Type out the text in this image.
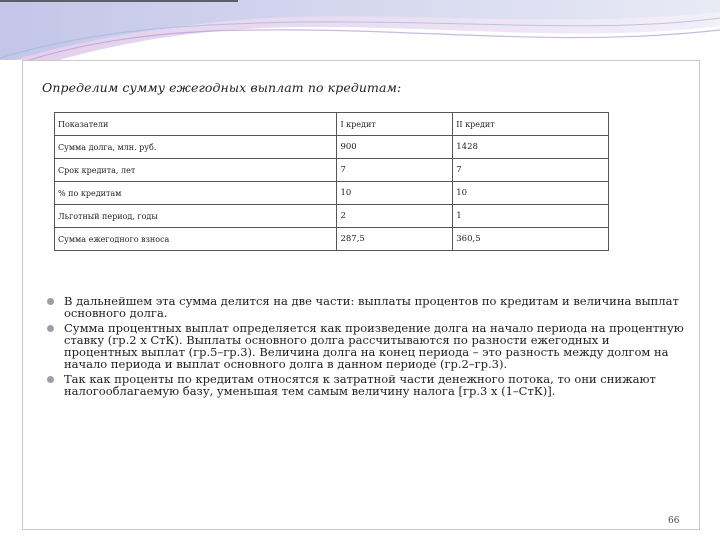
Определим сумму ежегодных выплат по кредитам:
Показатели	I кредит	II кредит
Сумма долга, млн. руб.	900	1428
Срок кредита, лет	7	7
% по кредитам	10	10
Льготный период, годы	2	1
Сумма ежегодного взноса	287,5	360,5
В дальнейшем эта сумма делится на две части: выплаты процентов по кредитам и величина выплат основного долга.
Сумма процентных выплат определяется как произведение долга на начало периода на процентную ставку (гр.2 х CтК). Выплаты основного долга рассчитываются по разности ежегодных и процентных выплат (гр.5–гр.3). Величина долга на конец периода – это разность между долгом на начало периода и выплат основного долга в данном периоде (гр.2–гр.3).
Так как проценты по кредитам относятся к затратной части денежного потока, то они снижают налогооблагаемую базу, уменьшая тем самым величину налога [гр.3 х (1–CтК)].
66
